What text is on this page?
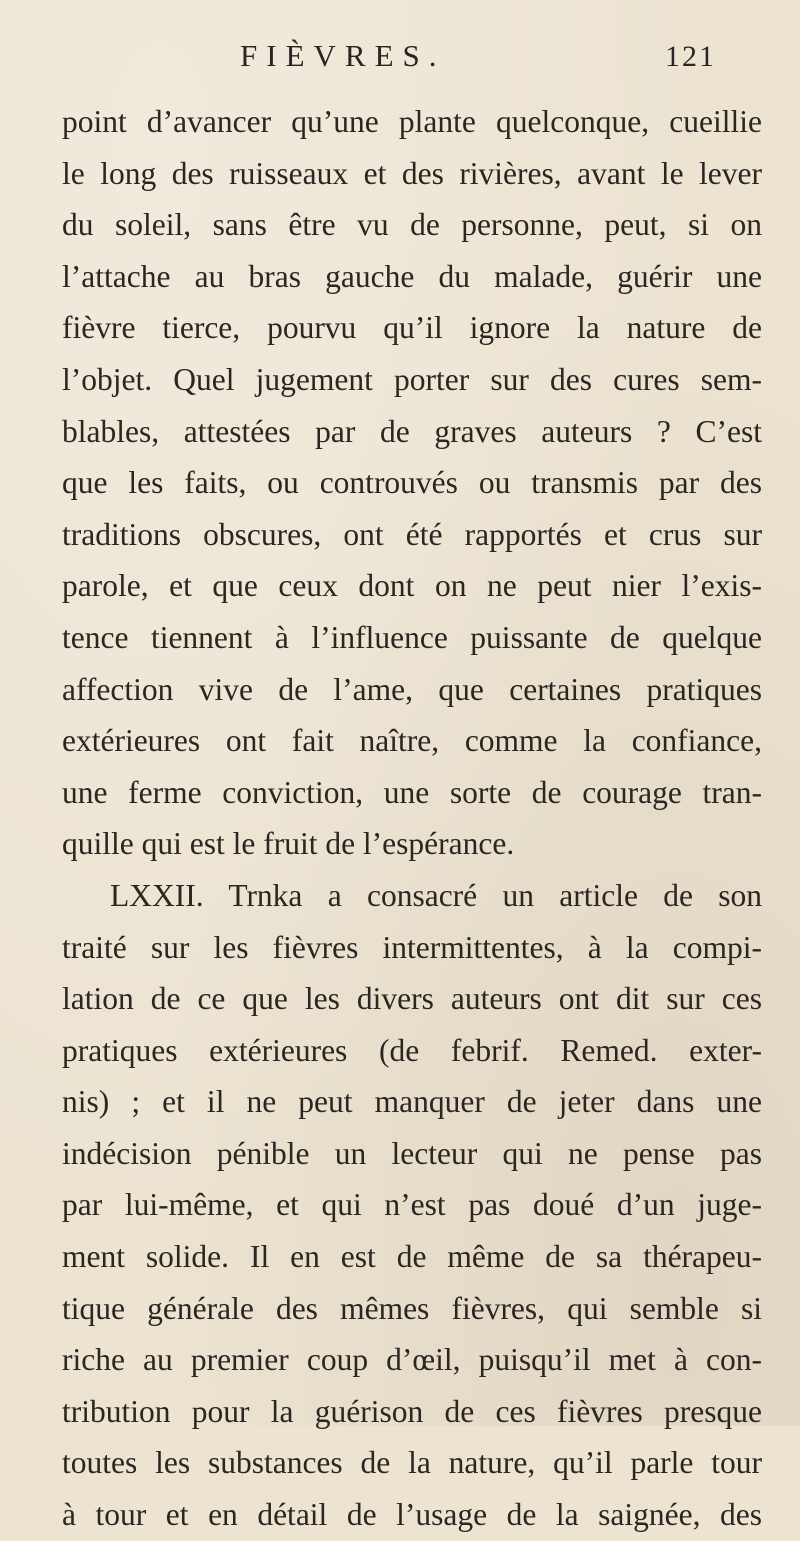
FIÈVRES.	121
point d’avancer qu’une plante quelconque, cueillie
le long des ruisseaux et des rivières, avant le lever
du soleil, sans être vu de personne, peut, si on
l’attache au bras gauche du malade, guérir une
fièvre tierce, pourvu qu’il ignore la nature de
l’objet. Quel jugement porter sur des cures sem-
blables, attestées par de graves auteurs ? C’est
que les faits, ou controuvés ou transmis par des
traditions obscures, ont été rapportés et crus sur
parole, et que ceux dont on ne peut nier l’exis-
tence tiennent à l’influence puissante de quelque
affection vive de l’ame, que certaines pratiques
extérieures ont fait naître, comme la confiance,
une ferme conviction, une sorte de courage tran-
quille qui est le fruit de l’espérance.
LXXII. Trnka a consacré un article de son
traité sur les fièvres intermittentes, à la compi-
lation de ce que les divers auteurs ont dit sur ces
pratiques extérieures (de febrif. Remed. exter-
nis) ; et il ne peut manquer de jeter dans une
indécision pénible un lecteur qui ne pense pas
par lui-même, et qui n’est pas doué d’un juge-
ment solide. Il en est de même de sa thérapeu-
tique générale des mêmes fièvres, qui semble si
riche au premier coup d’œil, puisqu’il met à con-
tribution pour la guérison de ces fièvres presque
toutes les substances de la nature, qu’il parle tour
à tour et en détail de l’usage de la saignée, des
